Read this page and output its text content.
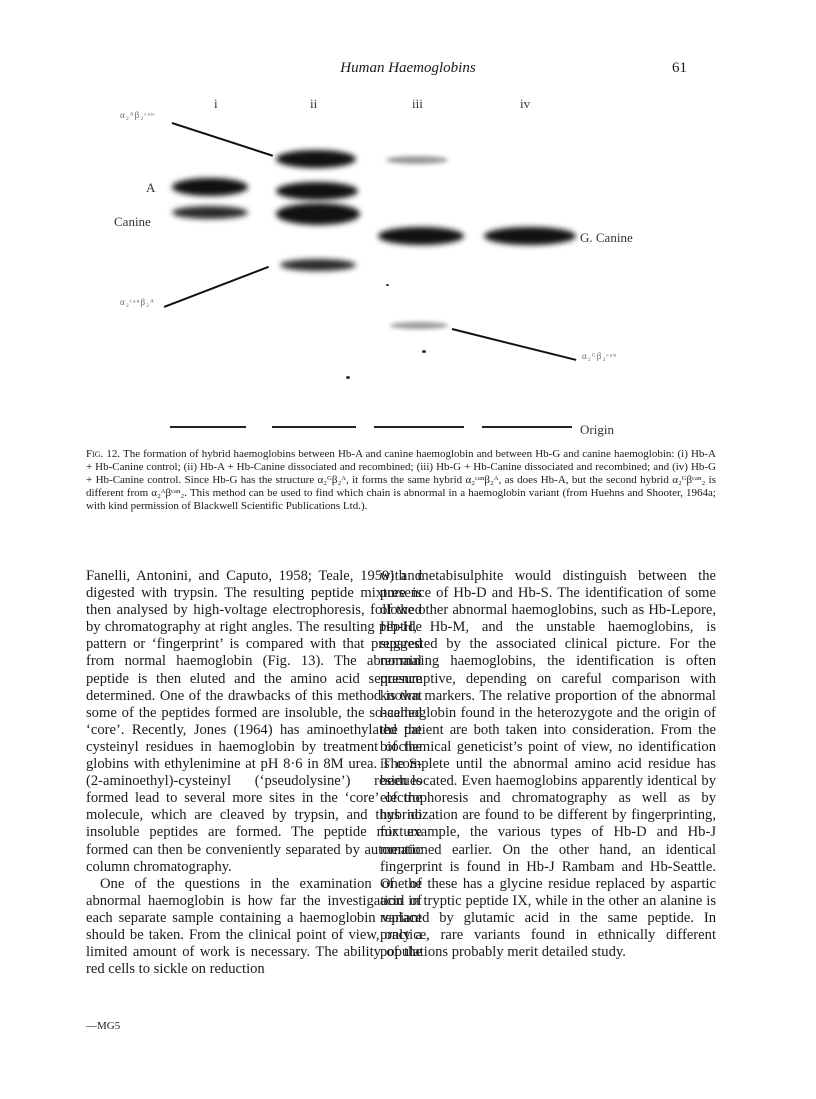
Human Haemoglobins	61
i	ii	iii	iv
α₂ᴬβ₂ᶜᵃⁿ
A
Canine
α₂ᶜᵃⁿβ₂ᴬ
G. Canine
α₂ᴳβ₂ᶜᵃⁿ
Origin
Fig. 12. The formation of hybrid haemoglobins between Hb-A and canine haemoglobin and between Hb-G and canine haemoglobin: (i) Hb-A + Hb-Canine control; (ii) Hb-A + Hb-Canine dissociated and recombined; (iii) Hb-G + Hb-Canine dissociated and recombined; and (iv) Hb-G + Hb-Canine control. Since Hb-G has the structure α₂ᴳβ₂ᴬ, it forms the same hybrid α₂ᶜᵃⁿβ₂ᴬ, as does Hb-A, but the second hybrid α₂ᴳβᶜᵃⁿ₂ is different from α₂ᴬβᶜᵃⁿ₂. This method can be used to find which chain is abnormal in a haemoglobin variant (from Huehns and Shooter, 1964a; with kind permission of Blackwell Scientific Publications Ltd.).

Fanelli, Antonini, and Caputo, 1958; Teale, 1959) and digested with trypsin. The resulting peptide mixture is then analysed by high-voltage electrophoresis, followed by chromatography at right angles. The resulting peptide pattern or ‘fingerprint’ is compared with that prepared from normal haemoglobin (Fig. 13). The abnormal peptide is then eluted and the amino acid sequence determined. One of the drawbacks of this method is that some of the peptides formed are insoluble, the so-called ‘core’. Recently, Jones (1964) has aminoethylated the cysteinyl residues in haemoglobin by treatment of the globins with ethylenimine at pH 8·6 in 8M urea. The S-(2-aminoethyl)-cysteinyl (‘pseudolysine’) residues formed lead to several more sites in the ‘core’ of the molecule, which are cleaved by trypsin, and thus no insoluble peptides are formed. The peptide mixture formed can then be conveniently separated by automatic column chromatography.

One of the questions in the examination of the abnormal haemoglobin is how far the investigation of each separate sample containing a haemoglobin variant should be taken. From the clinical point of view, only a limited amount of work is necessary. The ability of the red cells to sickle on reduction

with metabisulphite would distinguish between the presence of Hb-D and Hb-S. The identification of some of the other abnormal haemoglobins, such as Hb-Lepore, Hb-H, Hb-M, and the unstable haemoglobins, is suggested by the associated clinical picture. For the remaining haemoglobins, the identification is often presumptive, depending on careful comparison with known markers. The relative proportion of the abnormal haemoglobin found in the heterozygote and the origin of the patient are both taken into consideration. From the biochemical geneticist’s point of view, no identification is complete until the abnormal amino acid residue has been located. Even haemoglobins apparently identical by electrophoresis and chromatography as well as by hybridization are found to be different by fingerprinting, for example, the various types of Hb-D and Hb-J mentioned earlier. On the other hand, an identical fingerprint is found in Hb-J Rambam and Hb-Seattle. One of these has a glycine residue replaced by aspartic acid in tryptic peptide IX, while in the other an alanine is replaced by glutamic acid in the same peptide. In practice, rare variants found in ethnically different populations probably merit detailed study.

—MG5
